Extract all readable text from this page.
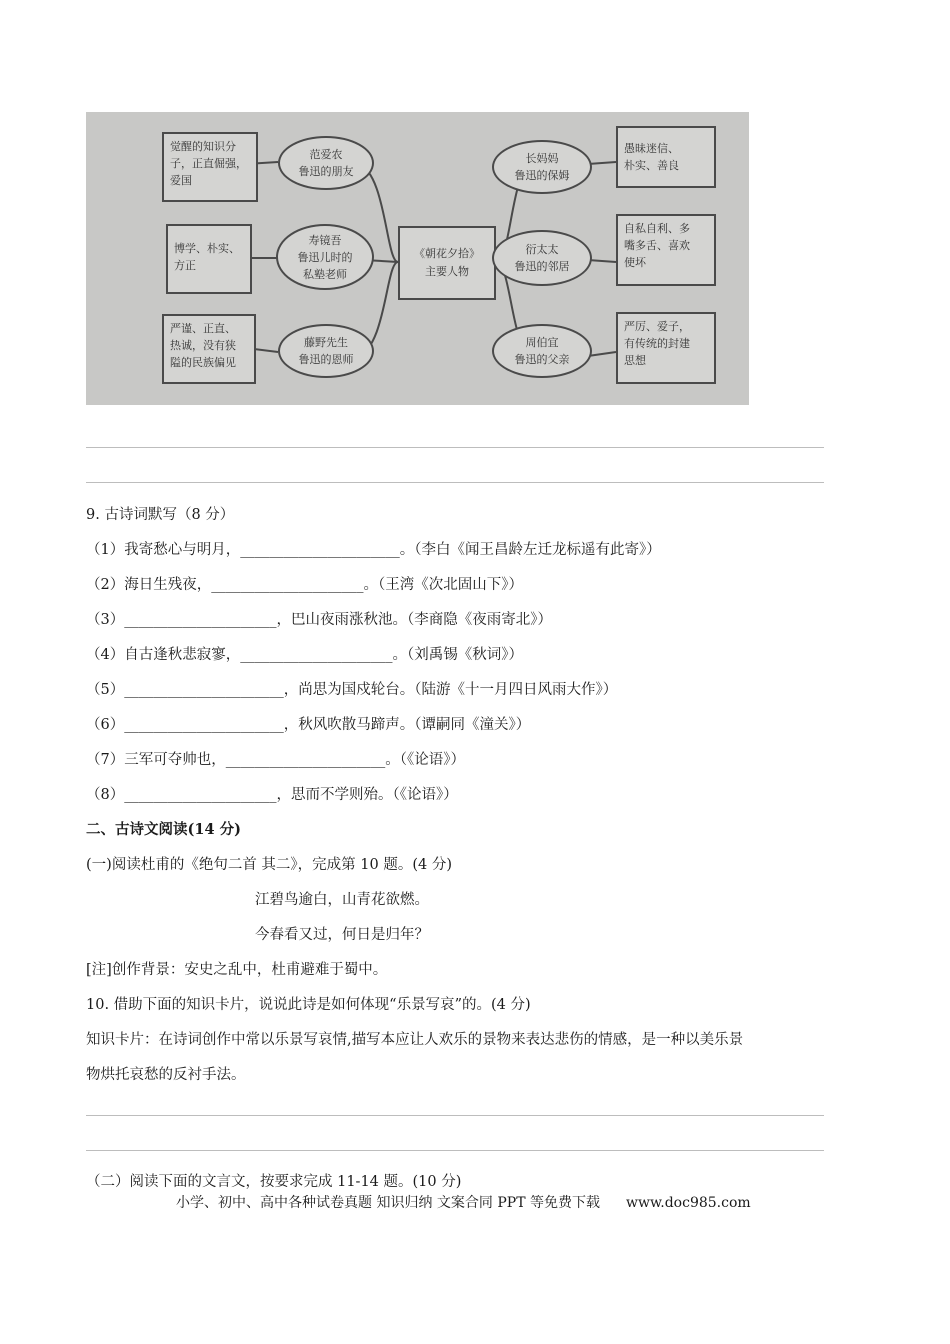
觉醒的知识分
子，正直倔强，
爱国
博学、朴实、
方正
严谨、正直、
热诚，没有狭
隘的民族偏见
范爱农
鲁迅的朋友
寿镜吾
鲁迅儿时的
私塾老师
藤野先生
鲁迅的恩师
《朝花夕拾》
主要人物
长妈妈
鲁迅的保姆
衍太太
鲁迅的邻居
周伯宜
鲁迅的父亲
愚昧迷信、
朴实、善良
自私自利、多
嘴多舌、喜欢
使坏
严厉、爱子，
有传统的封建
思想
9. 古诗词默写（8 分）
（1）我寄愁心与明月，______________________。（李白《闻王昌龄左迁龙标遥有此寄》）
（2）海日生残夜，_____________________。（王湾《次北固山下》）
（3）_____________________，巴山夜雨涨秋池。（李商隐《夜雨寄北》）
（4）自古逢秋悲寂寥，_____________________。（刘禹锡《秋词》）
（5）______________________，尚思为国戍轮台。（陆游《十一月四日风雨大作》）
（6）______________________，秋风吹散马蹄声。（谭嗣同《潼关》）
（7）三军可夺帅也，______________________。（《论语》）
（8）_____________________，思而不学则殆。（《论语》）
二、古诗文阅读(14 分)
(一)阅读杜甫的《绝句二首 其二》，完成第 10 题。(4 分)
江碧鸟逾白，山青花欲燃。
今春看又过，何日是归年？
[注]创作背景：安史之乱中，杜甫避难于蜀中。
10. 借助下面的知识卡片，说说此诗是如何体现“乐景写哀”的。(4 分)
知识卡片：在诗词创作中常以乐景写哀情,描写本应让人欢乐的景物来表达悲伤的情感，是一种以美乐景
物烘托哀愁的反衬手法。
（二）阅读下面的文言文，按要求完成 11-14 题。(10 分)
小学、初中、高中各种试卷真题 知识归纳 文案合同 PPT 等免费下载 www.doc985.com
